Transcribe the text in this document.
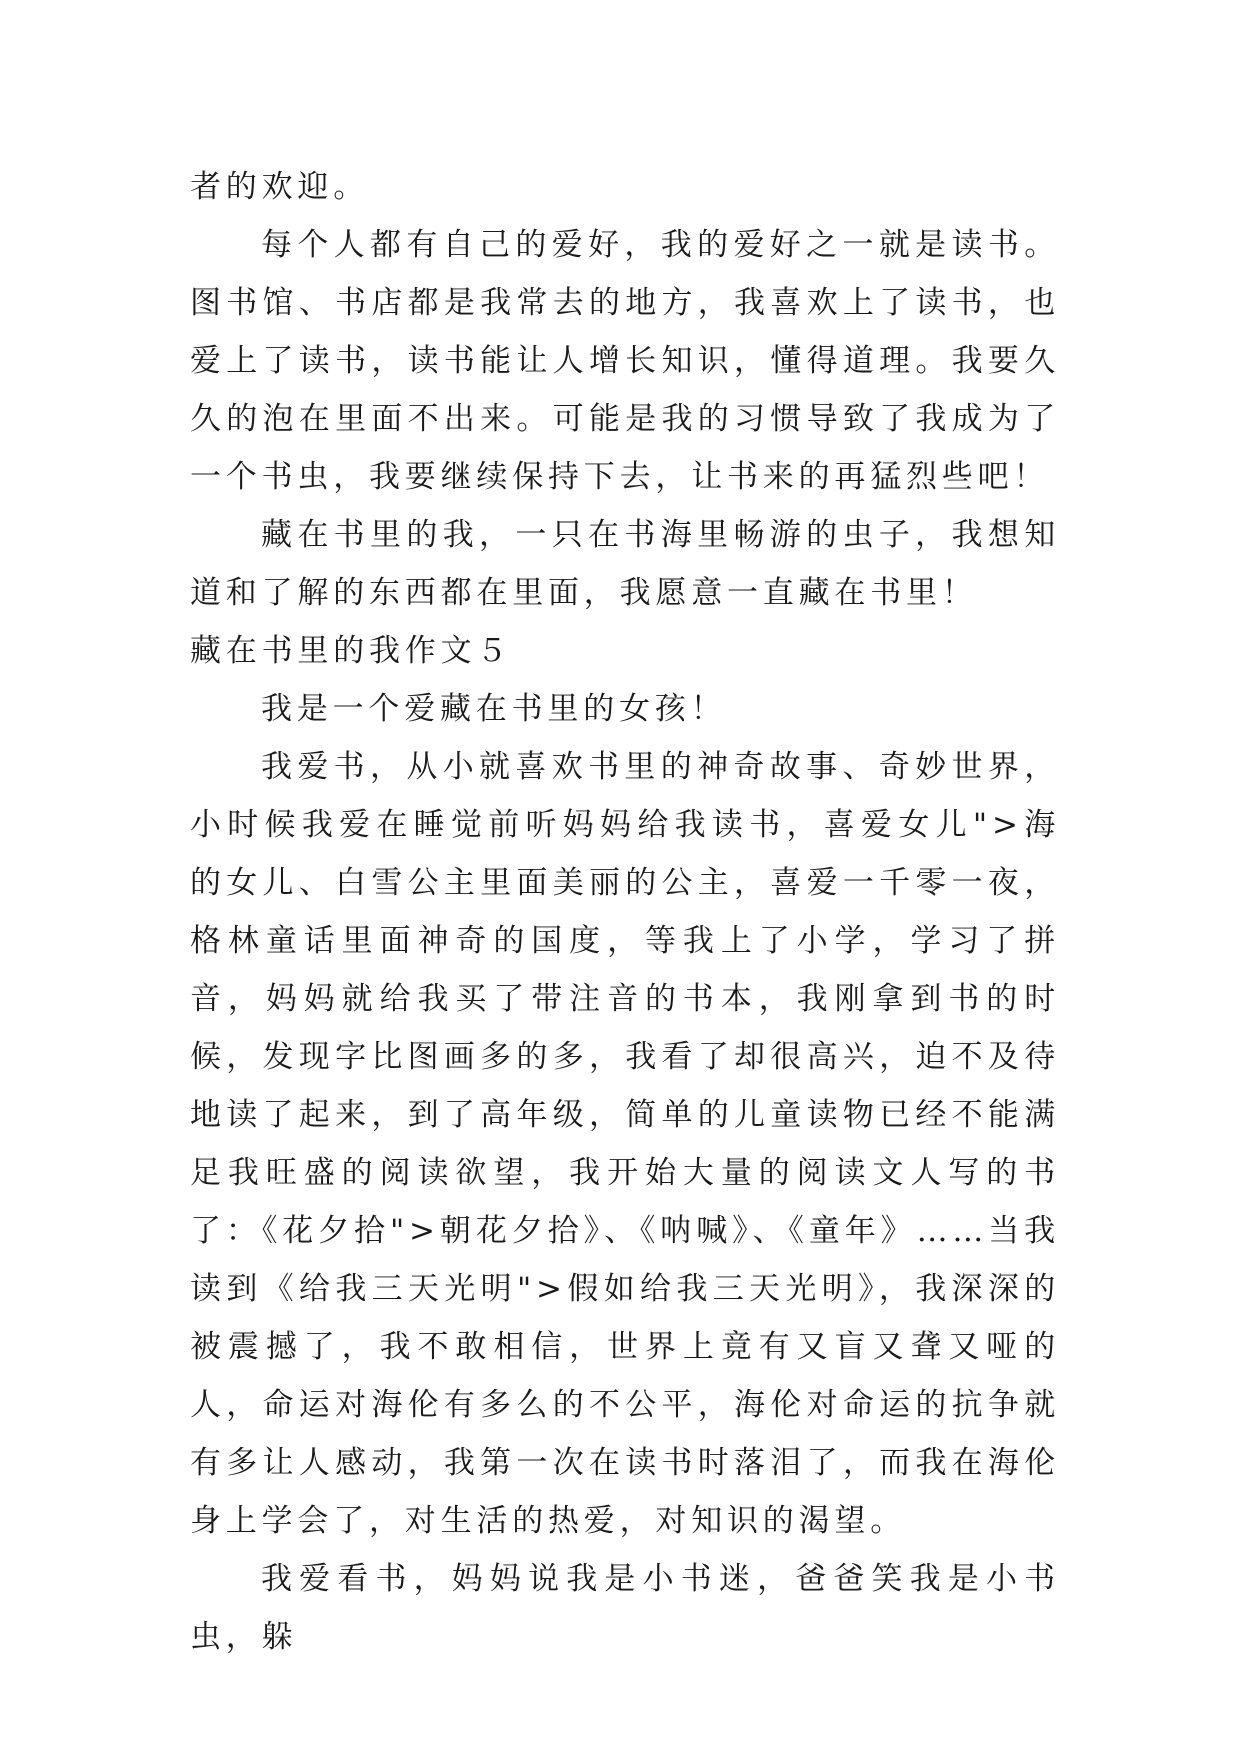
者的欢迎。

每个人都有自己的爱好，我的爱好之一就是读书。图书馆、书店都是我常去的地方，我喜欢上了读书，也爱上了读书，读书能让人增长知识，懂得道理。我要久久的泡在里面不出来。可能是我的习惯导致了我成为了一个书虫，我要继续保持下去，让书来的再猛烈些吧！

藏在书里的我，一只在书海里畅游的虫子，我想知道和了解的东西都在里面，我愿意一直藏在书里！

藏在书里的我作文５

我是一个爱藏在书里的女孩！

我爱书，从小就喜欢书里的神奇故事、奇妙世界，小时候我爱在睡觉前听妈妈给我读书，喜爱女儿">海的女儿、白雪公主里面美丽的公主，喜爱一千零一夜，格林童话里面神奇的国度，等我上了小学，学习了拼音，妈妈就给我买了带注音的书本，我刚拿到书的时候，发现字比图画多的多，我看了却很高兴，迫不及待地读了起来，到了高年级，简单的儿童读物已经不能满足我旺盛的阅读欲望，我开始大量的阅读文人写的书了：《花夕拾">朝花夕拾》、《呐喊》、《童年》……当我读到《给我三天光明">假如给我三天光明》，我深深的被震撼了，我不敢相信，世界上竟有又盲又聋又哑的人，命运对海伦有多么的不公平，海伦对命运的抗争就有多让人感动，我第一次在读书时落泪了，而我在海伦身上学会了，对生活的热爱，对知识的渴望。

我爱看书，妈妈说我是小书迷，爸爸笑我是小书虫，躲
